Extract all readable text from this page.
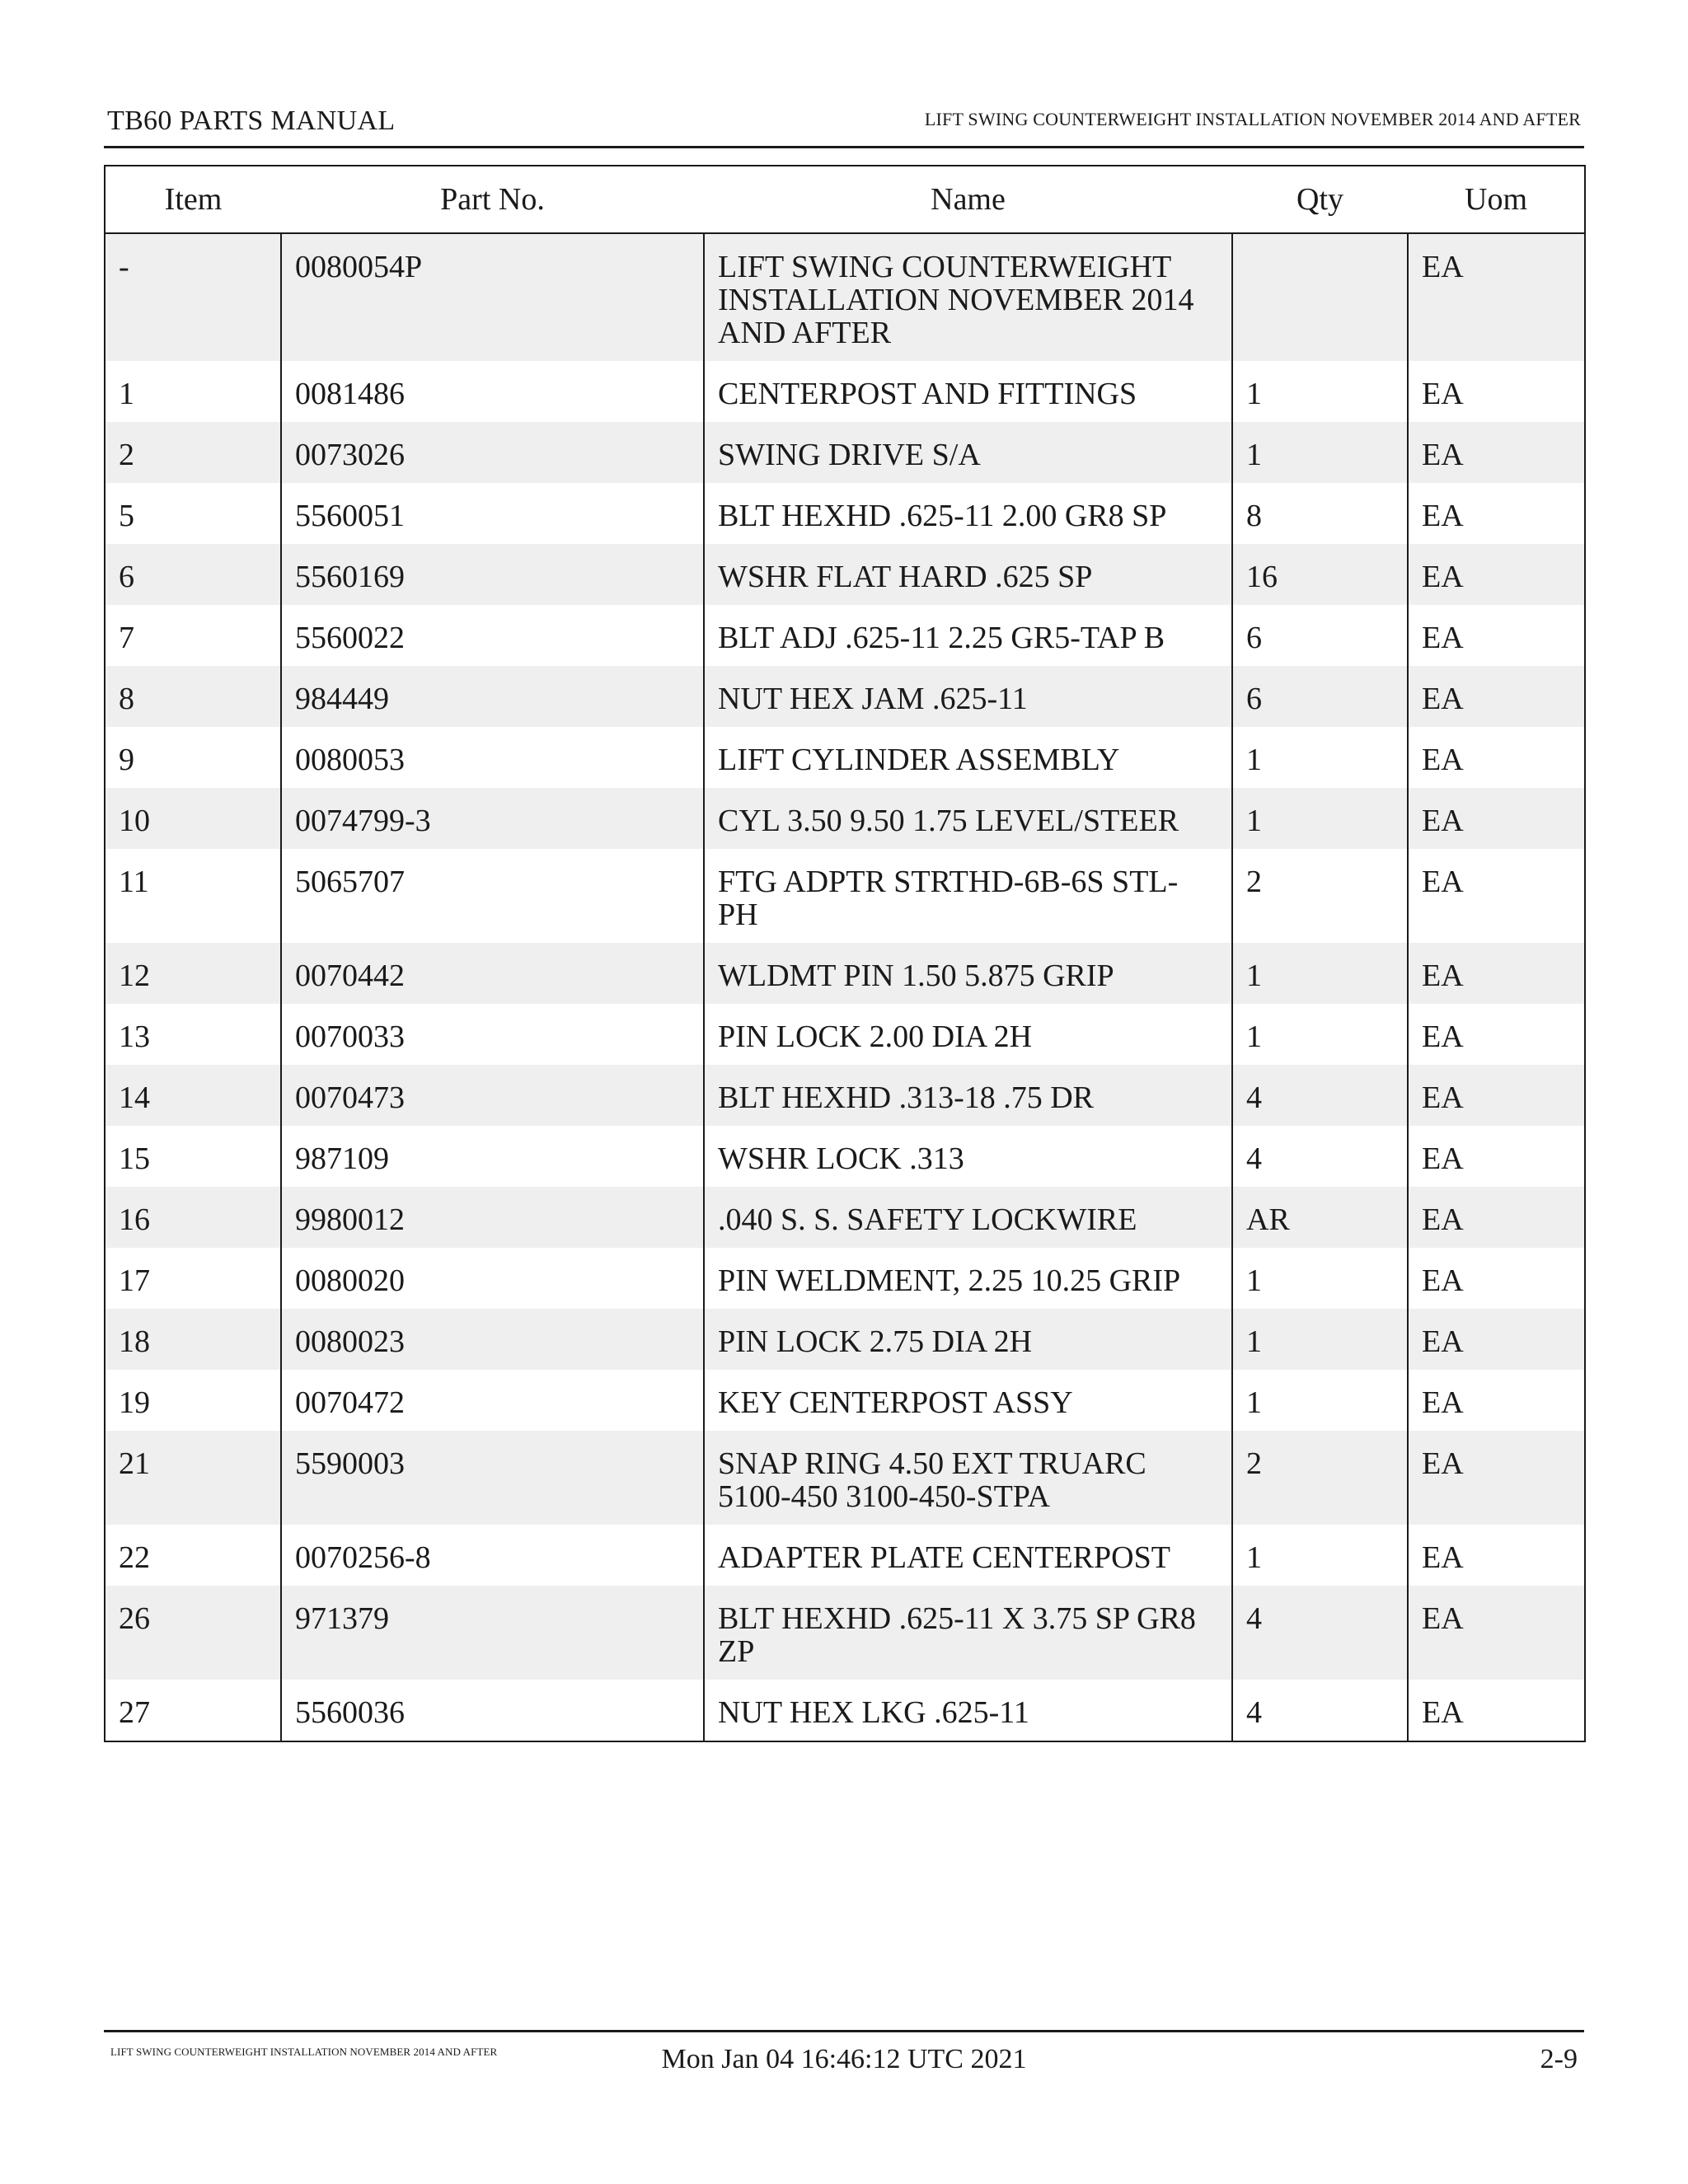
TB60 PARTS MANUAL	LIFT SWING COUNTERWEIGHT INSTALLATION NOVEMBER 2014 AND AFTER
Item	Part No.	Name	Qty	Uom
-	0080054P	LIFT SWING COUNTERWEIGHT INSTALLATION NOVEMBER 2014 AND AFTER		EA
1	0081486	CENTERPOST AND FITTINGS	1	EA
2	0073026	SWING DRIVE S/A	1	EA
5	5560051	BLT HEXHD .625-11 2.00 GR8 SP	8	EA
6	5560169	WSHR FLAT HARD .625 SP	16	EA
7	5560022	BLT ADJ .625-11 2.25 GR5-TAP B	6	EA
8	984449	NUT HEX JAM .625-11	6	EA
9	0080053	LIFT CYLINDER ASSEMBLY	1	EA
10	0074799-3	CYL 3.50 9.50 1.75 LEVEL/STEER	1	EA
11	5065707	FTG ADPTR STRTHD-6B-6S STL-PH	2	EA
12	0070442	WLDMT PIN 1.50 5.875 GRIP	1	EA
13	0070033	PIN LOCK 2.00 DIA 2H	1	EA
14	0070473	BLT HEXHD .313-18 .75 DR	4	EA
15	987109	WSHR LOCK .313	4	EA
16	9980012	.040 S. S. SAFETY LOCKWIRE	AR	EA
17	0080020	PIN WELDMENT, 2.25 10.25 GRIP	1	EA
18	0080023	PIN LOCK 2.75 DIA 2H	1	EA
19	0070472	KEY CENTERPOST ASSY	1	EA
21	5590003	SNAP RING 4.50 EXT TRUARC 5100-450 3100-450-STPA	2	EA
22	0070256-8	ADAPTER PLATE CENTERPOST	1	EA
26	971379	BLT HEXHD .625-11 X 3.75 SP GR8 ZP	4	EA
27	5560036	NUT HEX LKG .625-11	4	EA
LIFT SWING COUNTERWEIGHT INSTALLATION NOVEMBER 2014 AND AFTER	Mon Jan 04 16:46:12 UTC 2021	2-9
